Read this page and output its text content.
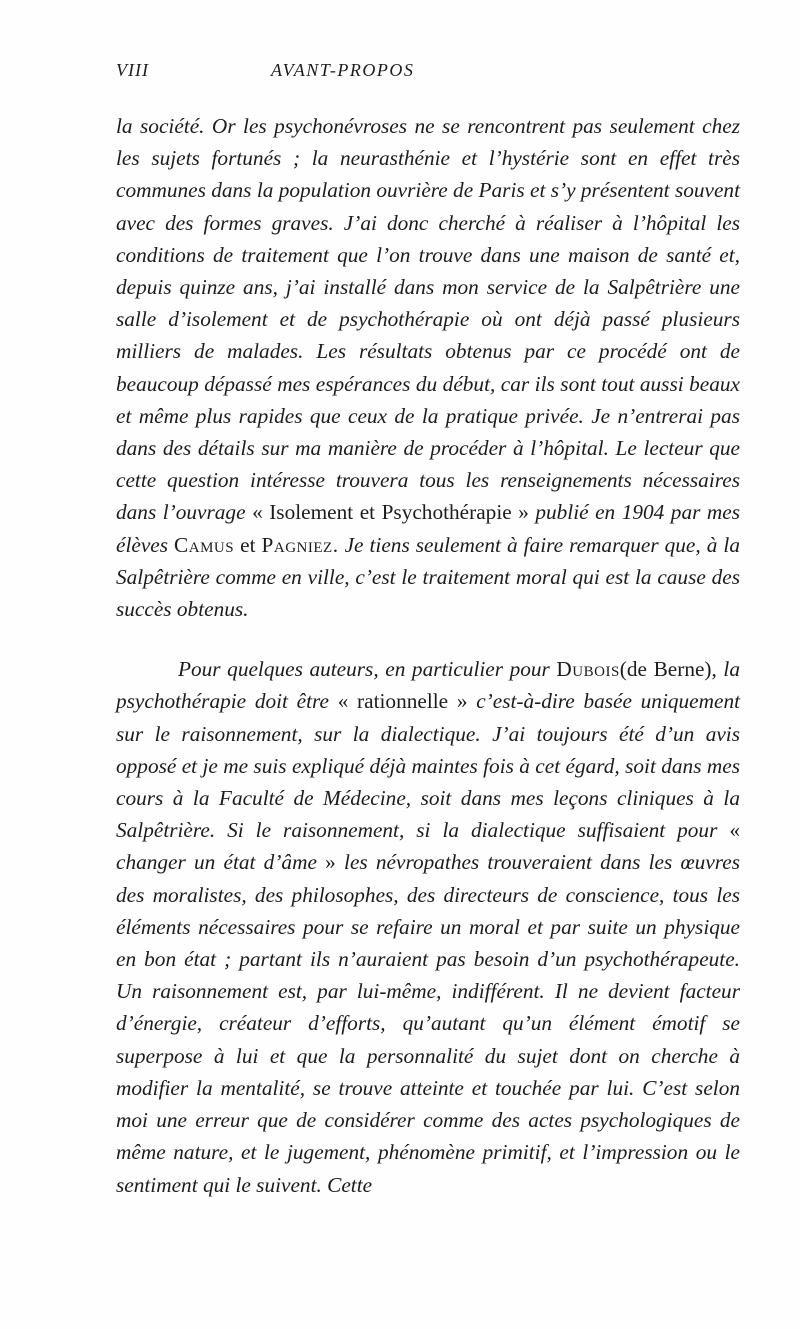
VIII	AVANT-PROPOS

la société. Or les psychonévroses ne se rencontrent pas seulement chez les sujets fortunés ; la neurasthénie et l’hystérie sont en effet très communes dans la population ouvrière de Paris et s’y présentent souvent avec des formes graves. J’ai donc cherché à réaliser à l’hôpital les conditions de traitement que l’on trouve dans une maison de santé et, depuis quinze ans, j’ai installé dans mon service de la Salpêtrière une salle d’isolement et de psychothérapie où ont déjà passé plusieurs milliers de malades. Les résultats obtenus par ce procédé ont de beaucoup dépassé mes espérances du début, car ils sont tout aussi beaux et même plus rapides que ceux de la pratique privée. Je n’entrerai pas dans des détails sur ma manière de procéder à l’hôpital. Le lecteur que cette question intéresse trouvera tous les renseignements nécessaires dans l’ouvrage « Isolement et Psychothérapie » publié en 1904 par mes élèves Camus et Pagniez. Je tiens seulement à faire remarquer que, à la Salpêtrière comme en ville, c’est le traitement moral qui est la cause des succès obtenus.

Pour quelques auteurs, en particulier pour Dubois(de Berne), la psychothérapie doit être « rationnelle » c’est-à-dire basée uniquement sur le raisonnement, sur la dialectique. J’ai toujours été d’un avis opposé et je me suis expliqué déjà maintes fois à cet égard, soit dans mes cours à la Faculté de Médecine, soit dans mes leçons cliniques à la Salpêtrière. Si le raisonnement, si la dialectique suffisaient pour « changer un état d’âme » les névropathes trouveraient dans les œuvres des moralistes, des philosophes, des directeurs de conscience, tous les éléments nécessaires pour se refaire un moral et par suite un physique en bon état ; partant ils n’auraient pas besoin d’un psychothérapeute. Un raisonnement est, par lui-même, indifférent. Il ne devient facteur d’énergie, créateur d’efforts, qu’autant qu’un élément émotif se superpose à lui et que la personnalité du sujet dont on cherche à modifier la mentalité, se trouve atteinte et touchée par lui. C’est selon moi une erreur que de considérer comme des actes psychologiques de même nature, et le jugement, phénomène primitif, et l’impression ou le sentiment qui le suivent. Cette
